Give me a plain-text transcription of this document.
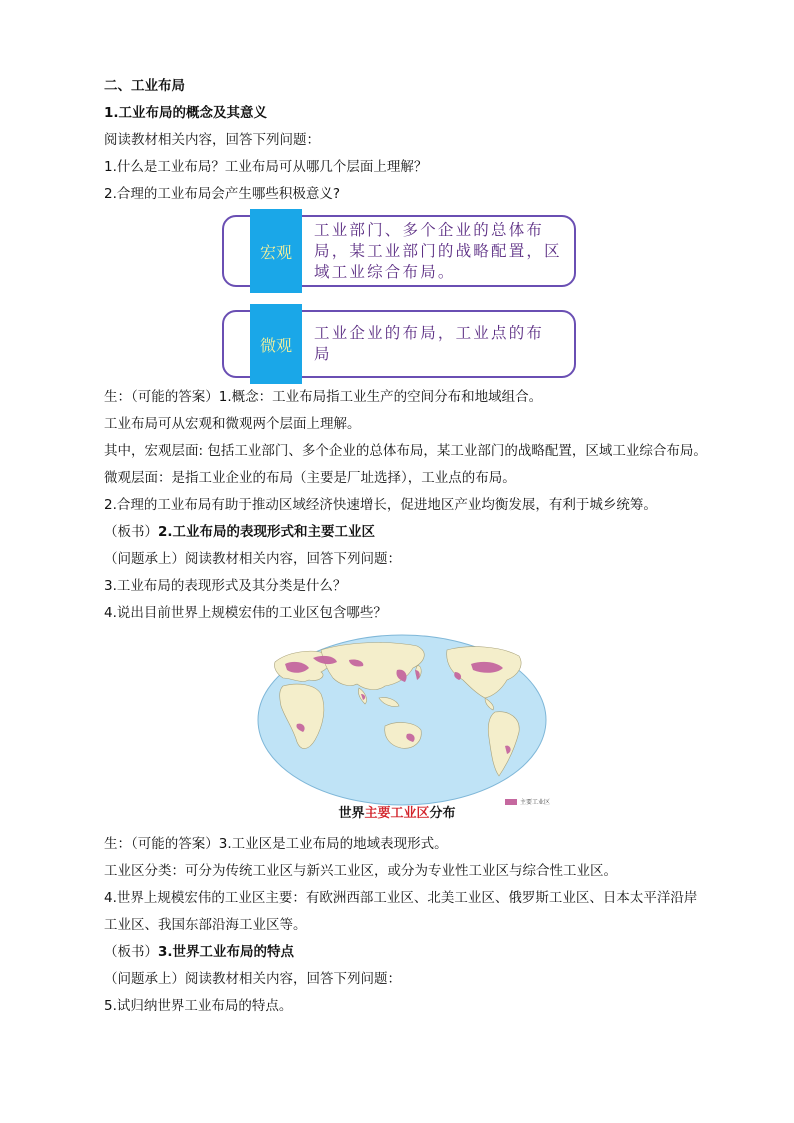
二、工业布局
1.工业布局的概念及其意义
阅读教材相关内容，回答下列问题：
1.什么是工业布局？工业布局可从哪几个层面上理解？
2.合理的工业布局会产生哪些积极意义?
宏观
工业部门、多个企业的总体布局，某工业部门的战略配置，区域工业综合布局。
微观
工业企业的布局，工业点的布局
生：（可能的答案）1.概念：工业布局指工业生产的空间分布和地域组合。
工业布局可从宏观和微观两个层面上理解。
其中，宏观层面: 包括工业部门、多个企业的总体布局，某工业部门的战略配置，区域工业综合布局。
微观层面：是指工业企业的布局（主要是厂址选择），工业点的布局。
2.合理的工业布局有助于推动区域经济快速增长，促进地区产业均衡发展，有利于城乡统筹。
（板书）2.工业布局的表现形式和主要工业区
（问题承上）阅读教材相关内容，回答下列问题：
3.工业布局的表现形式及其分类是什么？
4.说出目前世界上规模宏伟的工业区包含哪些？
主要工业区
世界主要工业区分布
生：（可能的答案）3.工业区是工业布局的地域表现形式。
工业区分类：可分为传统工业区与新兴工业区，或分为专业性工业区与综合性工业区。
4.世界上规模宏伟的工业区主要：有欧洲西部工业区、北美工业区、俄罗斯工业区、日本太平洋沿岸
工业区、我国东部沿海工业区等。
（板书）3.世界工业布局的特点
（问题承上）阅读教材相关内容，回答下列问题：
5.试归纳世界工业布局的特点。
